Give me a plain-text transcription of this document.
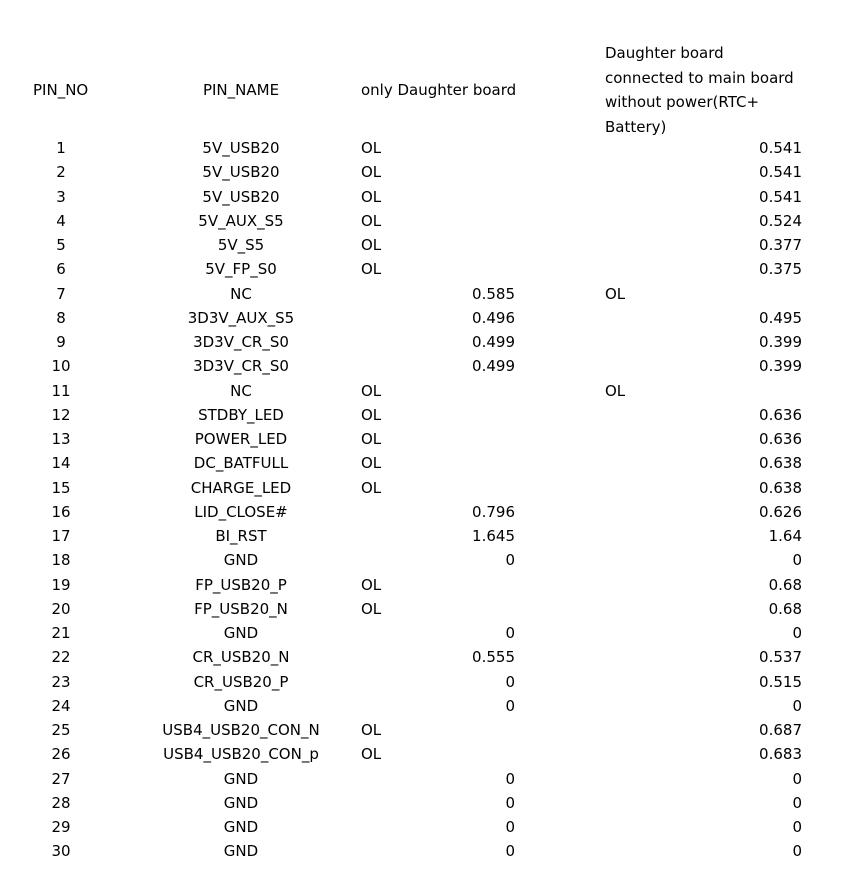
PIN_NO	PIN_NAME	only Daughter board
Daughter board
connected to main board
without power(RTC+
Battery)
1	5V_USB20	OL	0.541
2	5V_USB20	OL	0.541
3	5V_USB20	OL	0.541
4	5V_AUX_S5	OL	0.524
5	5V_S5	OL	0.377
6	5V_FP_S0	OL	0.375
7	NC	0.585	OL
8	3D3V_AUX_S5	0.496	0.495
9	3D3V_CR_S0	0.499	0.399
10	3D3V_CR_S0	0.499	0.399
11	NC	OL	OL
12	STDBY_LED	OL	0.636
13	POWER_LED	OL	0.636
14	DC_BATFULL	OL	0.638
15	CHARGE_LED	OL	0.638
16	LID_CLOSE#	0.796	0.626
17	BI_RST	1.645	1.64
18	GND	0	0
19	FP_USB20_P	OL	0.68
20	FP_USB20_N	OL	0.68
21	GND	0	0
22	CR_USB20_N	0.555	0.537
23	CR_USB20_P	0	0.515
24	GND	0	0
25	USB4_USB20_CON_N	OL	0.687
26	USB4_USB20_CON_p	OL	0.683
27	GND	0	0
28	GND	0	0
29	GND	0	0
30	GND	0	0
